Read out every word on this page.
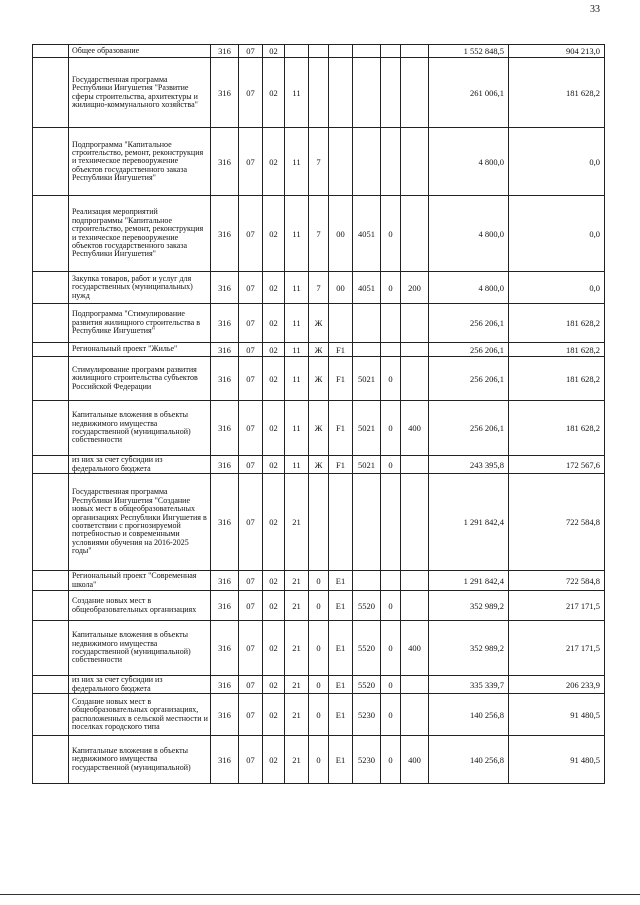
33
	Общее образование	316	07	02							1 552 848,5	904 213,0
	Государственная программа Республики Ингушетия "Развитие сферы строительства, архитектуры и жилищно-коммунального хозяйства"	316	07	02	11						261 006,1	181 628,2
	Подпрограмма "Капитальное строительство, ремонт, реконструкция и техническое перевооружение объектов государственного заказа Республики Ингушетия"	316	07	02	11	7					4 800,0	0,0
	Реализация мероприятий подпрограммы "Капитальное строительство, ремонт, реконструкция и техническое перевооружение объектов государственного заказа Республики Ингушетия"	316	07	02	11	7	00	4051	0		4 800,0	0,0
	Закупка товаров, работ и услуг для государственных (муниципальных) нужд	316	07	02	11	7	00	4051	0	200	4 800,0	0,0
	Подпрограмма "Стимулирование развития жилищного строительства в Республике Ингушетия"	316	07	02	11	Ж					256 206,1	181 628,2
	Региональный проект "Жилье"	316	07	02	11	Ж	F1				256 206,1	181 628,2
	Стимулирование программ развития жилищного строительства субъектов Российской Федерации	316	07	02	11	Ж	F1	5021	0		256 206,1	181 628,2
	Капитальные вложения в объекты недвижимого имущества государственной (муниципальной) собственности	316	07	02	11	Ж	F1	5021	0	400	256 206,1	181 628,2
	из них за счет субсидии из федерального бюджета	316	07	02	11	Ж	F1	5021	0		243 395,8	172 567,6
	Государственная программа Республики Ингушетия "Создание новых мест в общеобразовательных организациях Республики Ингушетия в соответствии с прогнозируемой потребностью и современными условиями обучения на 2016-2025 годы"	316	07	02	21						1 291 842,4	722 584,8
	Региональный проект "Современная школа"	316	07	02	21	0	E1				1 291 842,4	722 584,8
	Создание новых мест в общеобразовательных организациях	316	07	02	21	0	E1	5520	0		352 989,2	217 171,5
	Капитальные вложения в объекты недвижимого имущества государственной (муниципальной) собственности	316	07	02	21	0	E1	5520	0	400	352 989,2	217 171,5
	из них за счет субсидии из федерального бюджета	316	07	02	21	0	E1	5520	0		335 339,7	206 233,9
	Создание новых мест в общеобразовательных организациях, расположенных в сельской местности и поселках городского типа	316	07	02	21	0	E1	5230	0		140 256,8	91 480,5
	Капитальные вложения в объекты недвижимого имущества государственной (муниципальной)	316	07	02	21	0	E1	5230	0	400	140 256,8	91 480,5
